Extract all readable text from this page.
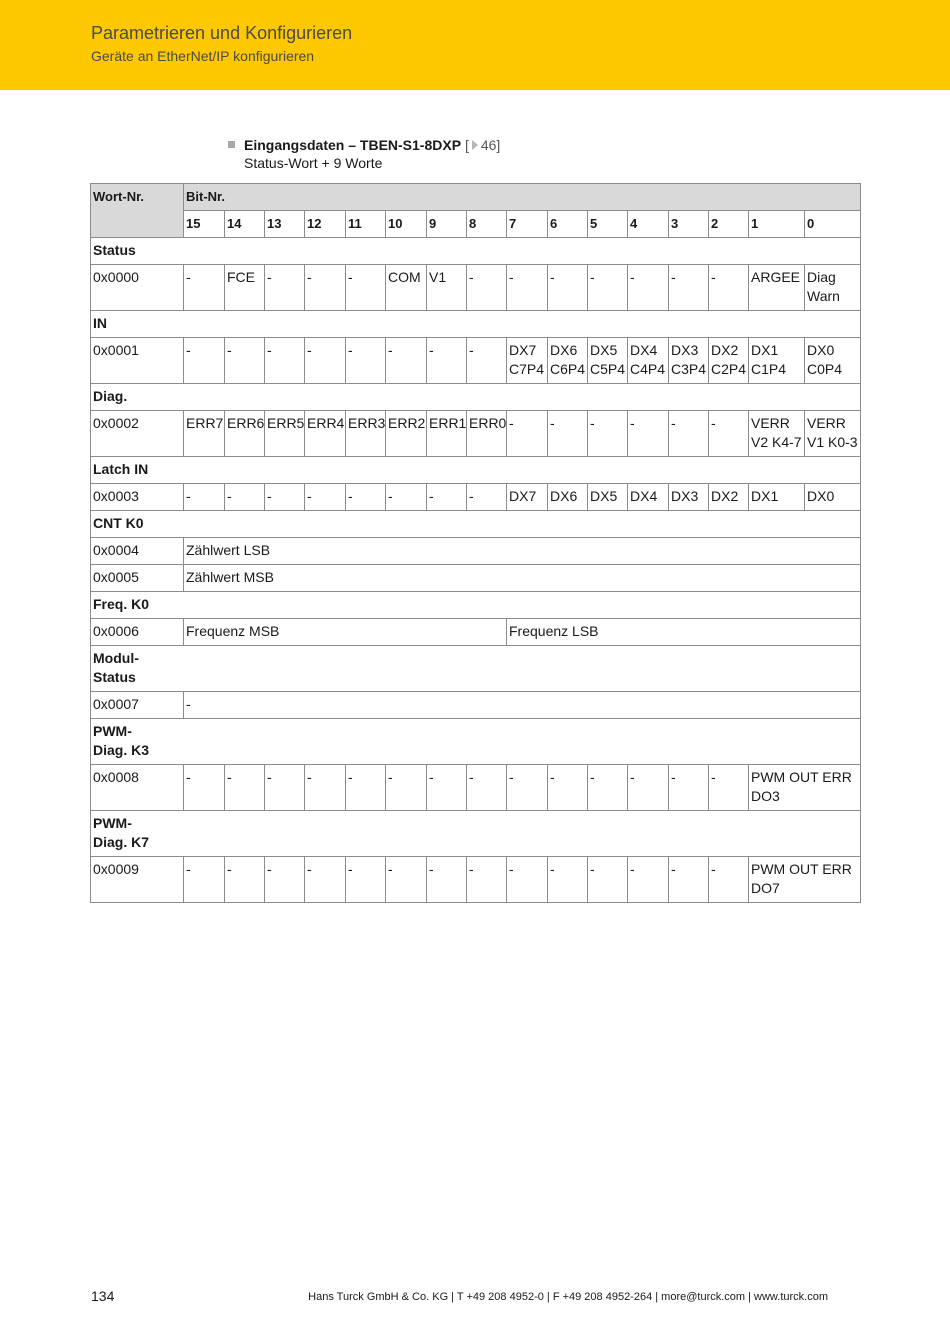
Parametrieren und Konfigurieren
Geräte an EtherNet/IP konfigurieren
Eingangsdaten – TBEN-S1-8DXP [ 46]
Status-Wort + 9 Worte
Wort-Nr.	Bit-Nr.															
	15	14	13	12	11	10	9	8	7	6	5	4	3	2	1	0
Status																
0x0000	-	FCE	-	-	-	COM	V1	-	-	-	-	-	-	-	ARGEE	Diag Warn
IN																
0x0001	-	-	-	-	-	-	-	-	DX7 C7P4	DX6 C6P4	DX5 C5P4	DX4 C4P4	DX3 C3P4	DX2 C2P4	DX1 C1P4	DX0 C0P4
Diag.																
0x0002	ERR7	ERR6	ERR5	ERR4	ERR3	ERR2	ERR1	ERR0	-	-	-	-	-	-	VERR V2 K4-7	VERR V1 K0-3
Latch IN																
0x0003	-	-	-	-	-	-	-	-	DX7	DX6	DX5	DX4	DX3	DX2	DX1	DX0
CNT K0																
0x0004	Zählwert LSB															
0x0005	Zählwert MSB															
Freq. K0																
0x0006	Frequenz MSB								Frequenz LSB							
Modul-
Status																
0x0007	-															
PWM-
Diag. K3																
0x0008	-	-	-	-	-	-	-	-	-	-	-	-	-	-	PWM OUT ERR DO3	
PWM-
Diag. K7																
0x0009	-	-	-	-	-	-	-	-	-	-	-	-	-	-	PWM OUT ERR DO7	
134	Hans Turck GmbH & Co. KG | T +49 208 4952-0 | F +49 208 4952-264 | more@turck.com | www.turck.com
